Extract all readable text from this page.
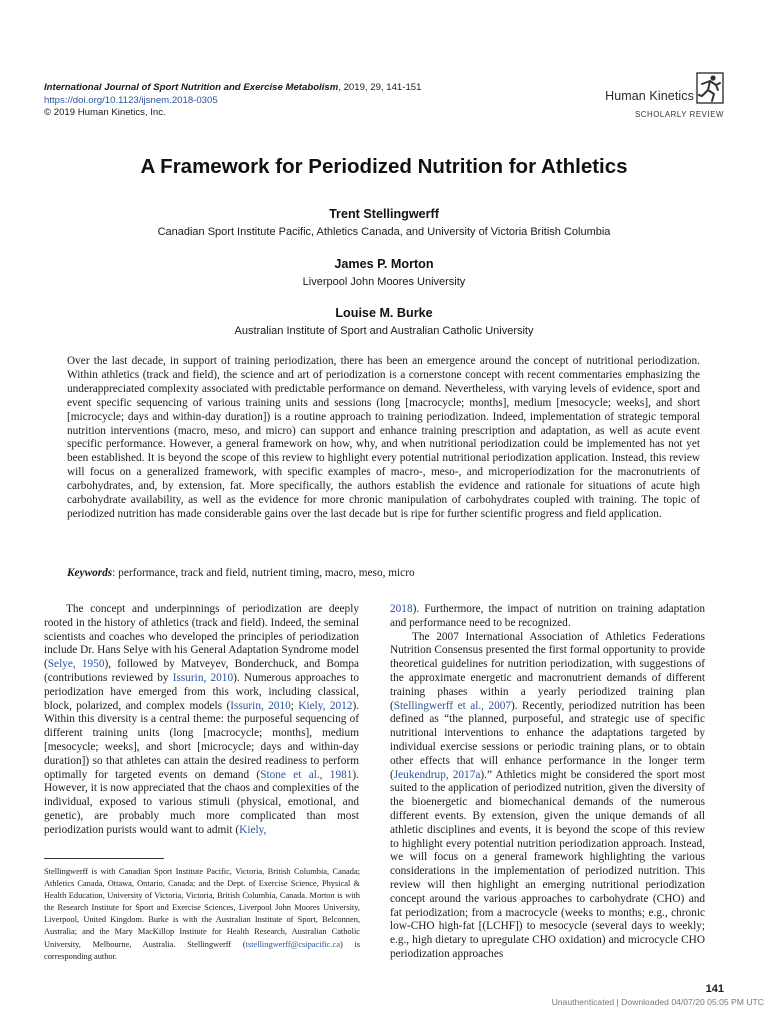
International Journal of Sport Nutrition and Exercise Metabolism, 2019, 29, 141-151
https://doi.org/10.1123/ijsnem.2018-0305
© 2019 Human Kinetics, Inc.
Human Kinetics
SCHOLARLY REVIEW
A Framework for Periodized Nutrition for Athletics
Trent Stellingwerff
Canadian Sport Institute Pacific, Athletics Canada, and University of Victoria British Columbia
James P. Morton
Liverpool John Moores University
Louise M. Burke
Australian Institute of Sport and Australian Catholic University
Over the last decade, in support of training periodization, there has been an emergence around the concept of nutritional periodization. Within athletics (track and field), the science and art of periodization is a cornerstone concept with recent commentaries emphasizing the underappreciated complexity associated with predictable performance on demand. Nevertheless, with varying levels of evidence, sport and event specific sequencing of various training units and sessions (long [macrocycle; months], medium [mesocycle; weeks], and short [microcycle; days and within-day duration]) is a routine approach to training periodization. Indeed, implementation of strategic temporal nutrition interventions (macro, meso, and micro) can support and enhance training prescription and adaptation, as well as acute event specific performance. However, a general framework on how, why, and when nutritional periodization could be implemented has not yet been established. It is beyond the scope of this review to highlight every potential nutritional periodization application. Instead, this review will focus on a generalized framework, with specific examples of macro-, meso-, and microperiodization for the macronutrients of carbohydrates, and, by extension, fat. More specifically, the authors establish the evidence and rationale for situations of acute high carbohydrate availability, as well as the evidence for more chronic manipulation of carbohydrates coupled with training. The topic of periodized nutrition has made considerable gains over the last decade but is ripe for further scientific progress and field application.
Keywords: performance, track and field, nutrient timing, macro, meso, micro

The concept and underpinnings of periodization are deeply rooted in the history of athletics (track and field). Indeed, the seminal scientists and coaches who developed the principles of periodization include Dr. Hans Selye with his General Adaptation Syndrome model (Selye, 1950), followed by Matveyev, Bonderchuck, and Bompa (contributions reviewed by Issurin, 2010). Numerous approaches to periodization have emerged from this work, including classical, block, polarized, and complex models (Issurin, 2010; Kiely, 2012). Within this diversity is a central theme: the purposeful sequencing of different training units (long [macrocycle; months], medium [mesocycle; weeks], and short [microcycle; days and within-day duration]) so that athletes can attain the desired readiness to perform optimally for targeted events on demand (Stone et al., 1981). However, it is now appreciated that the chaos and complexities of the individual, exposed to various stimuli (physical, emotional, and genetic), are probably much more complicated than most periodization purists would want to admit (Kiely,

Stellingwerff is with Canadian Sport Institute Pacific, Victoria, British Columbia, Canada; Athletics Canada, Ottawa, Ontario, Canada; and the Dept. of Exercise Science, Physical & Health Education, University of Victoria, Victoria, British Columbia, Canada. Morton is with the Research Institute for Sport and Exercise Sciences, Liverpool John Moores University, Liverpool, United Kingdom. Burke is with the Australian Institute of Sport, Belconnen, Australia; and the Mary MacKillop Institute for Health Research, Australian Catholic University, Melbourne, Australia. Stellingwerff (tstellingwerff@csipacific.ca) is corresponding author.

2018). Furthermore, the impact of nutrition on training adaptation and performance need to be recognized.

The 2007 International Association of Athletics Federations Nutrition Consensus presented the first formal opportunity to provide theoretical guidelines for nutrition periodization, with suggestions of the approximate energetic and macronutrient demands of different training phases within a yearly periodized training plan (Stellingwerff et al., 2007). Recently, periodized nutrition has been defined as “the planned, purposeful, and strategic use of specific nutritional interventions to enhance the adaptations targeted by individual exercise sessions or periodic training plans, or to obtain other effects that will enhance performance in the longer term (Jeukendrup, 2017a).” Athletics might be considered the sport most suited to the application of periodized nutrition, given the diversity of the bioenergetic and biomechanical demands of the numerous different events. By extension, given the unique demands of all athletic disciplines and events, it is beyond the scope of this review to highlight every potential nutrition periodization approach. Instead, we will focus on a general framework highlighting the various considerations in the implementation of periodized nutrition. This review will then highlight an emerging nutritional periodization concept around the various approaches to carbohydrate (CHO) and fat periodization; from a macrocycle (weeks to months; e.g., chronic low-CHO high-fat [(LCHF]) to mesocycle (several days to weekly; e.g., high dietary to upregulate CHO oxidation) and microcycle CHO periodization approaches

141
Unauthenticated | Downloaded 04/07/20 05:05 PM UTC
